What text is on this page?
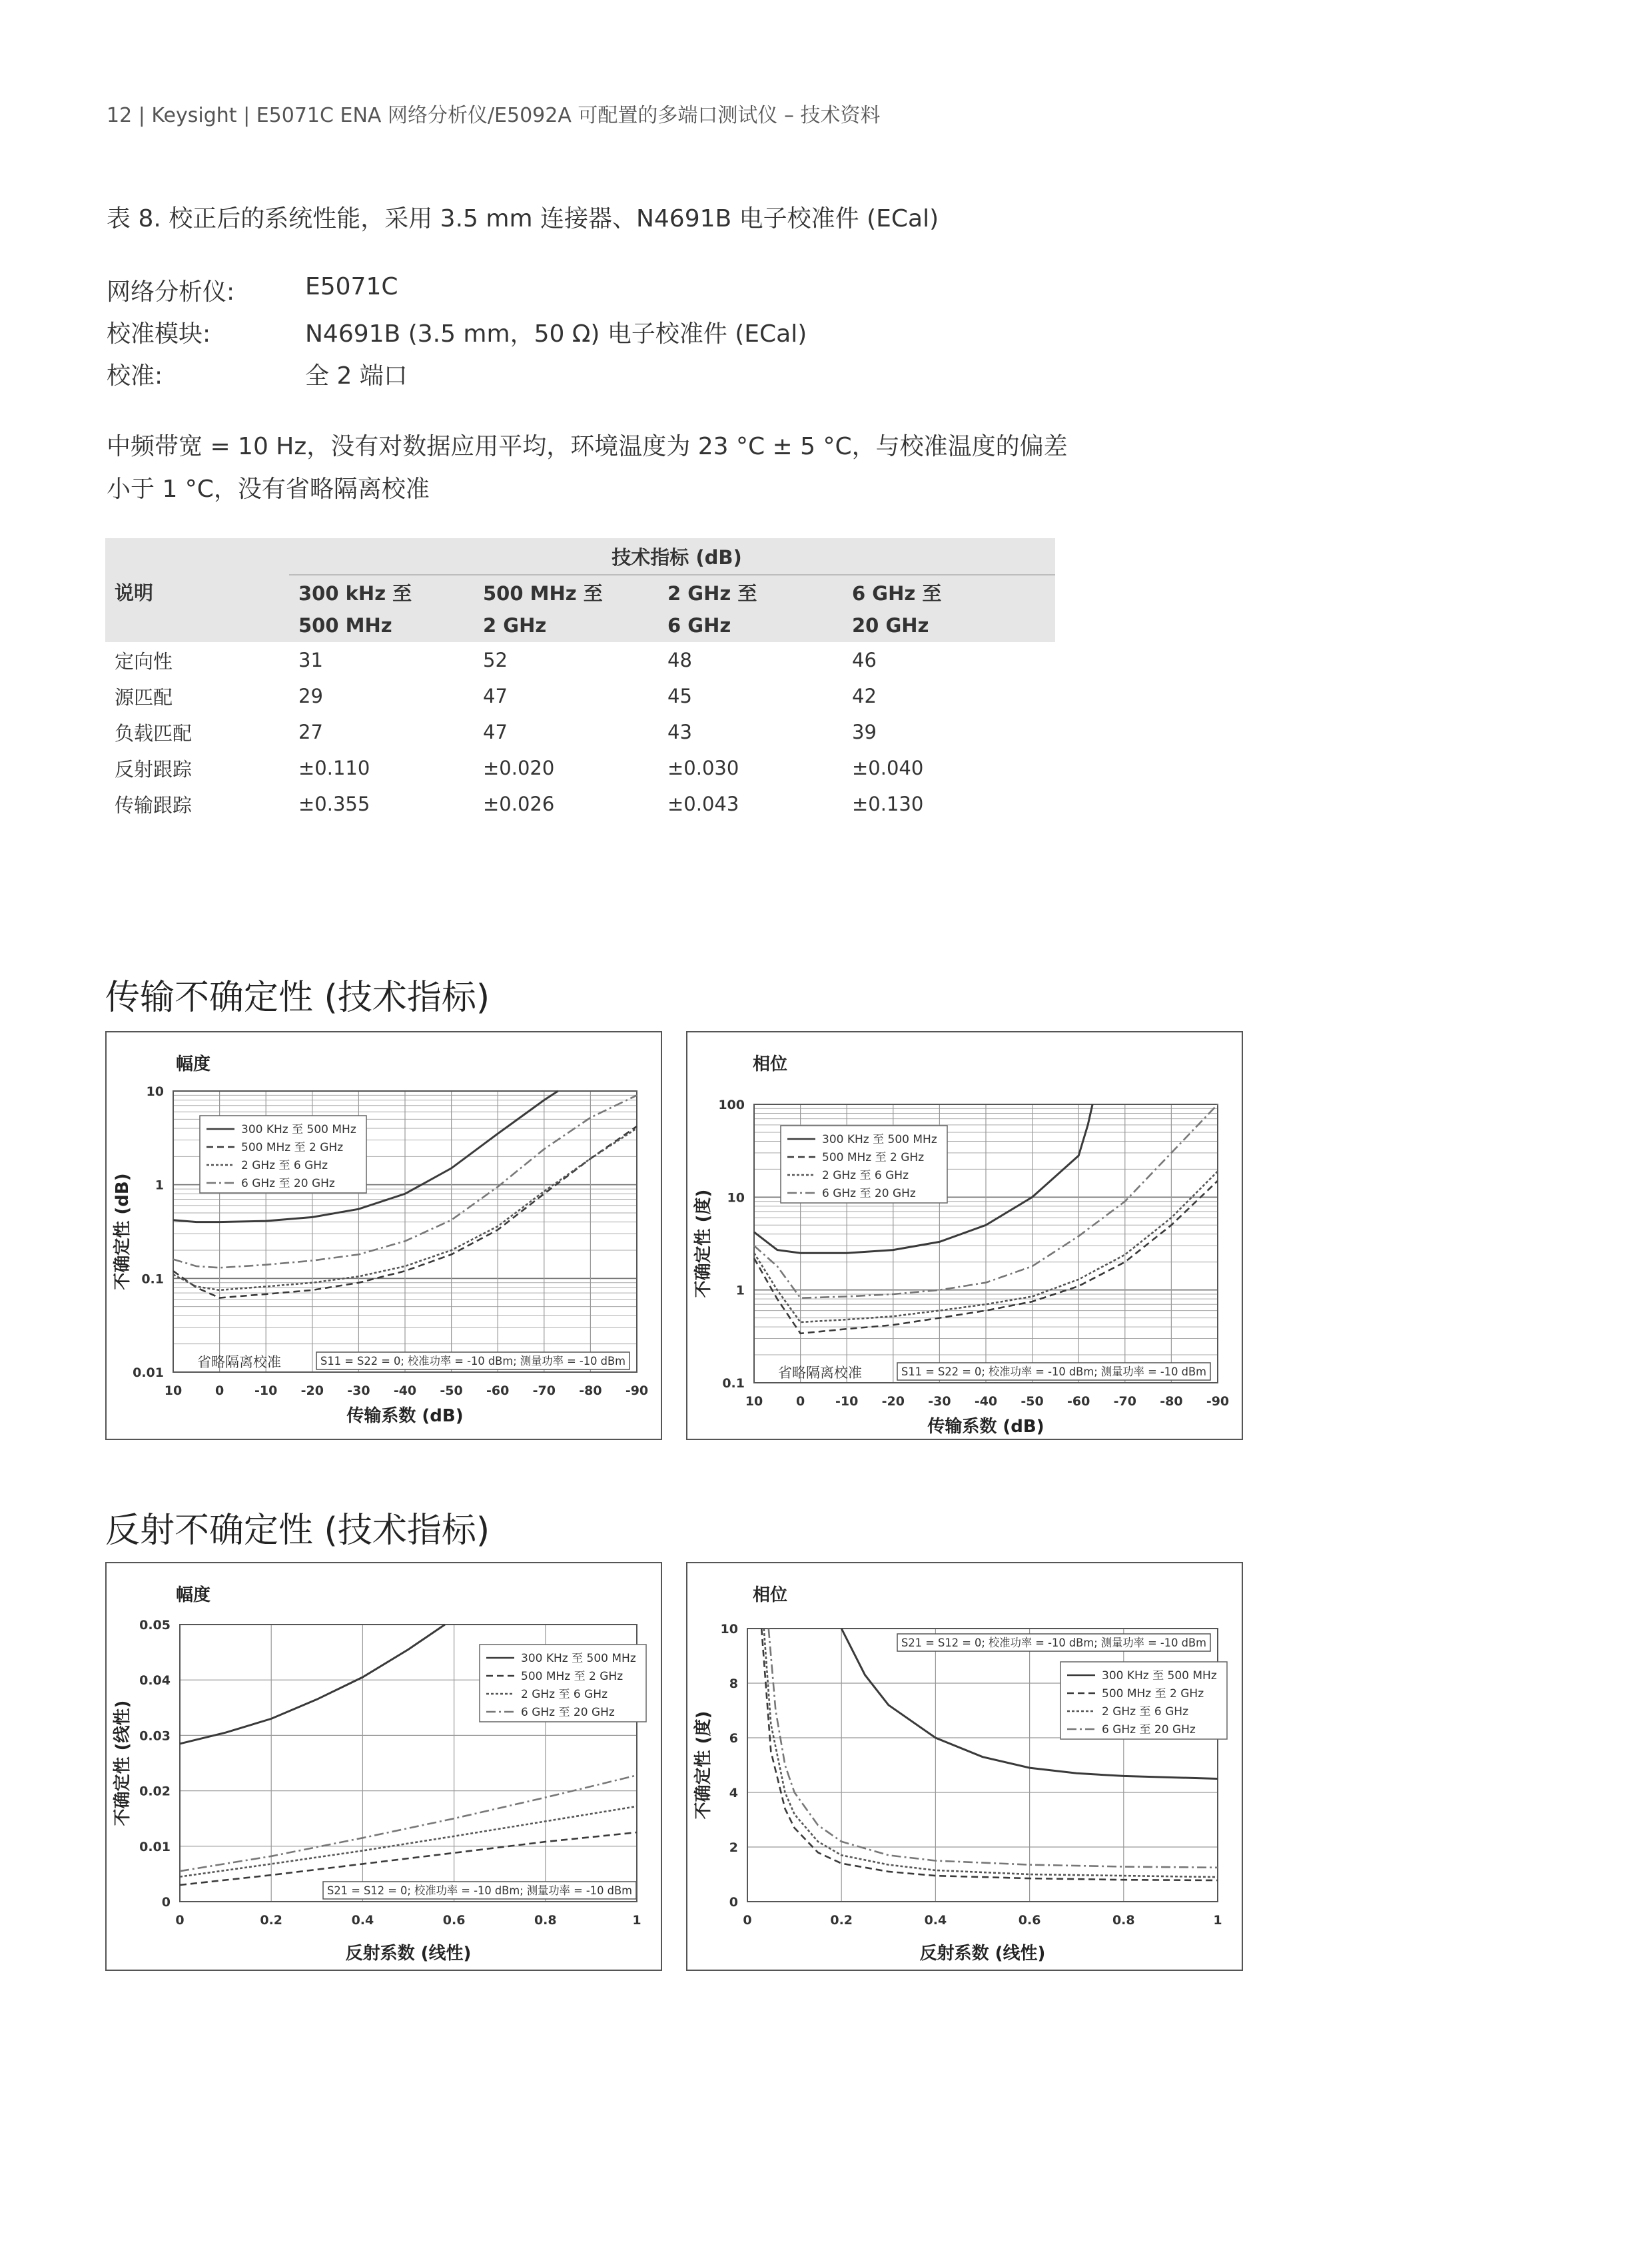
12 | Keysight | E5071C ENA 网络分析仪/E5092A 可配置的多端口测试仪 – 技术资料
表 8. 校正后的系统性能，采用 3.5 mm 连接器、N4691B 电子校准件 (ECal)
网络分析仪:	E5071C
校准模块:	N4691B (3.5 mm，50 Ω) 电子校准件 (ECal)
校准:	全 2 端口
中频带宽 = 10 Hz，没有对数据应用平均，环境温度为 23 °C ± 5 °C，与校准温度的偏差
小于 1 °C，没有省略隔离校准
	技术指标 (dB)			
说明	300 kHz 至	500 MHz 至	2 GHz 至	6 GHz 至
	500 MHz	2 GHz	6 GHz	20 GHz
定向性	31	52	48	46
源匹配	29	47	45	42
负载匹配	27	47	43	39
反射跟踪	±0.110	±0.020	±0.030	±0.040
传输跟踪	±0.355	±0.026	±0.043	±0.130
传输不确定性 (技术指标)
反射不确定性 (技术指标)
10
1
0.1
0.01
10	0 -10 -20 -30 -40 -50 -60 -70 -80 -90
幅度
传输系数 (dB)
不确定性 (dB)
300 KHz 至 500 MHz
500 MHz 至 2 GHz
2 GHz 至 6 GHz
6 GHz 至 20 GHz
省略隔离校准	S11 = S22 = 0; 校准功率 = -10 dBm; 测量功率 = -10 dBm
100
10
1
0.1
10	0 -10 -20 -30 -40 -50 -60 -70 -80 -90
相位
传输系数 (dB)
不确定性 (度)
300 KHz 至 500 MHz
500 MHz 至 2 GHz
2 GHz 至 6 GHz
6 GHz 至 20 GHz
省略隔离校准	S11 = S22 = 0; 校准功率 = -10 dBm; 测量功率 = -10 dBm
0.05
0.04
0.03
0.02
0.01
0
0	0.2	0.4	0.6	0.8	1
幅度
反射系数 (线性)
不确定性 (线性)
300 KHz 至 500 MHz
500 MHz 至 2 GHz
2 GHz 至 6 GHz
6 GHz 至 20 GHz
S21 = S12 = 0; 校准功率 = -10 dBm; 测量功率 = -10 dBm
10
8
6
4
2
0
0	0.2	0.4	0.6	0.8	1
相位
反射系数 (线性)
不确定性 (度)
300 KHz 至 500 MHz
500 MHz 至 2 GHz
2 GHz 至 6 GHz
6 GHz 至 20 GHz
S21 = S12 = 0; 校准功率 = -10 dBm; 测量功率 = -10 dBm
